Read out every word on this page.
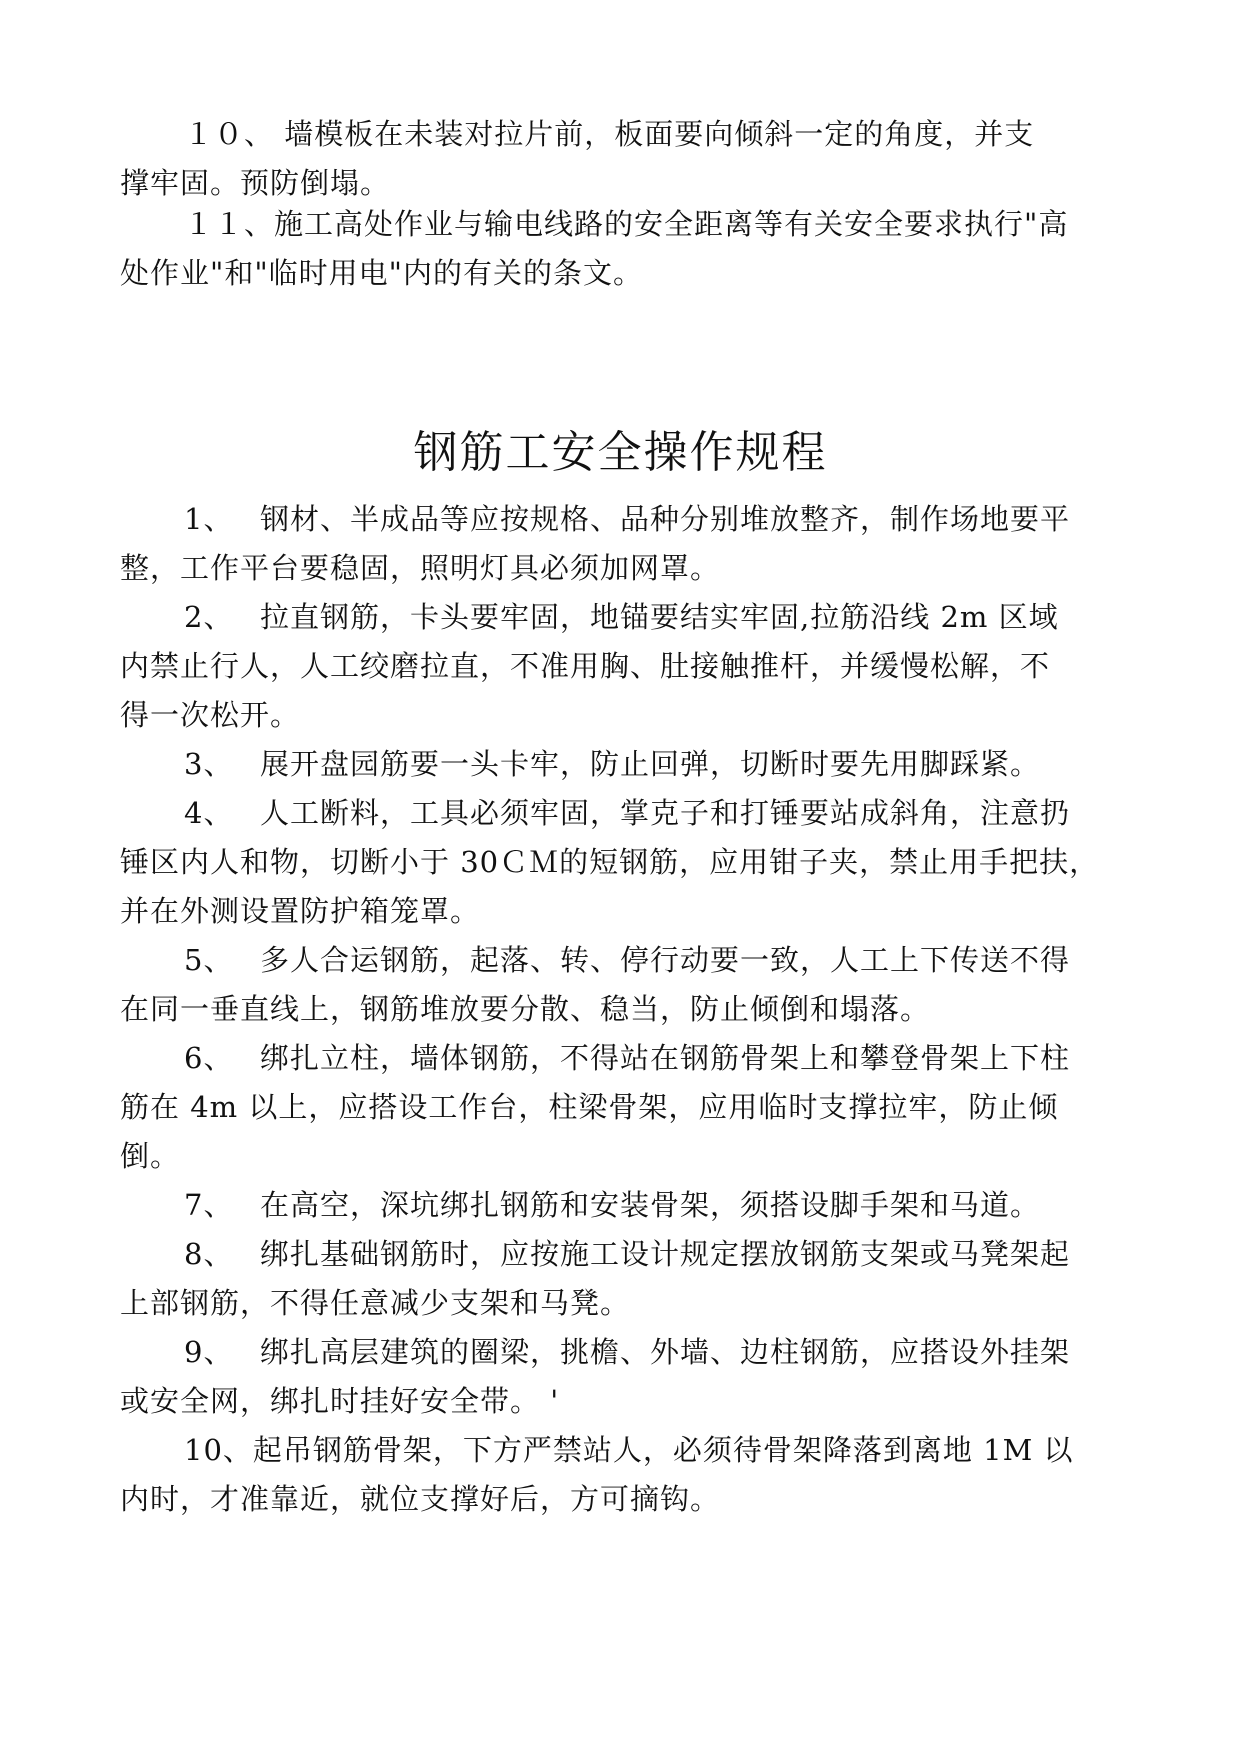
１０、 墙模板在未装对拉片前，板面要向倾斜一定的角度，并支
撑牢固。预防倒塌。
１１、施工高处作业与输电线路的安全距离等有关安全要求执行"高
处作业"和"临时用电"内的有关的条文。
钢筋工安全操作规程
1、 钢材、半成品等应按规格、品种分别堆放整齐，制作场地要平
整，工作平台要稳固，照明灯具必须加网罩。
2、 拉直钢筋，卡头要牢固，地锚要结实牢固,拉筋沿线 2m 区域
内禁止行人，人工绞磨拉直，不准用胸、肚接触推杆，并缓慢松解，不
得一次松开。
3、 展开盘园筋要一头卡牢，防止回弹，切断时要先用脚踩紧。
4、 人工断料，工具必须牢固，掌克子和打锤要站成斜角，注意扔
锤区内人和物，切断小于 30ＣＭ的短钢筋，应用钳子夹，禁止用手把扶，
并在外测设置防护箱笼罩。
5、 多人合运钢筋，起落、转、停行动要一致，人工上下传送不得
在同一垂直线上，钢筋堆放要分散、稳当，防止倾倒和塌落。
6、 绑扎立柱，墙体钢筋，不得站在钢筋骨架上和攀登骨架上下柱
筋在 4m 以上，应搭设工作台，柱梁骨架，应用临时支撑拉牢，防止倾
倒。
7、 在高空，深坑绑扎钢筋和安装骨架，须搭设脚手架和马道。
8、 绑扎基础钢筋时，应按施工设计规定摆放钢筋支架或马凳架起
上部钢筋，不得任意减少支架和马凳。
9、 绑扎高层建筑的圈梁，挑檐、外墙、边柱钢筋，应搭设外挂架
或安全网，绑扎时挂好安全带。 '
10、起吊钢筋骨架，下方严禁站人，必须待骨架降落到离地 1M 以
内时，才准靠近，就位支撑好后，方可摘钩。
